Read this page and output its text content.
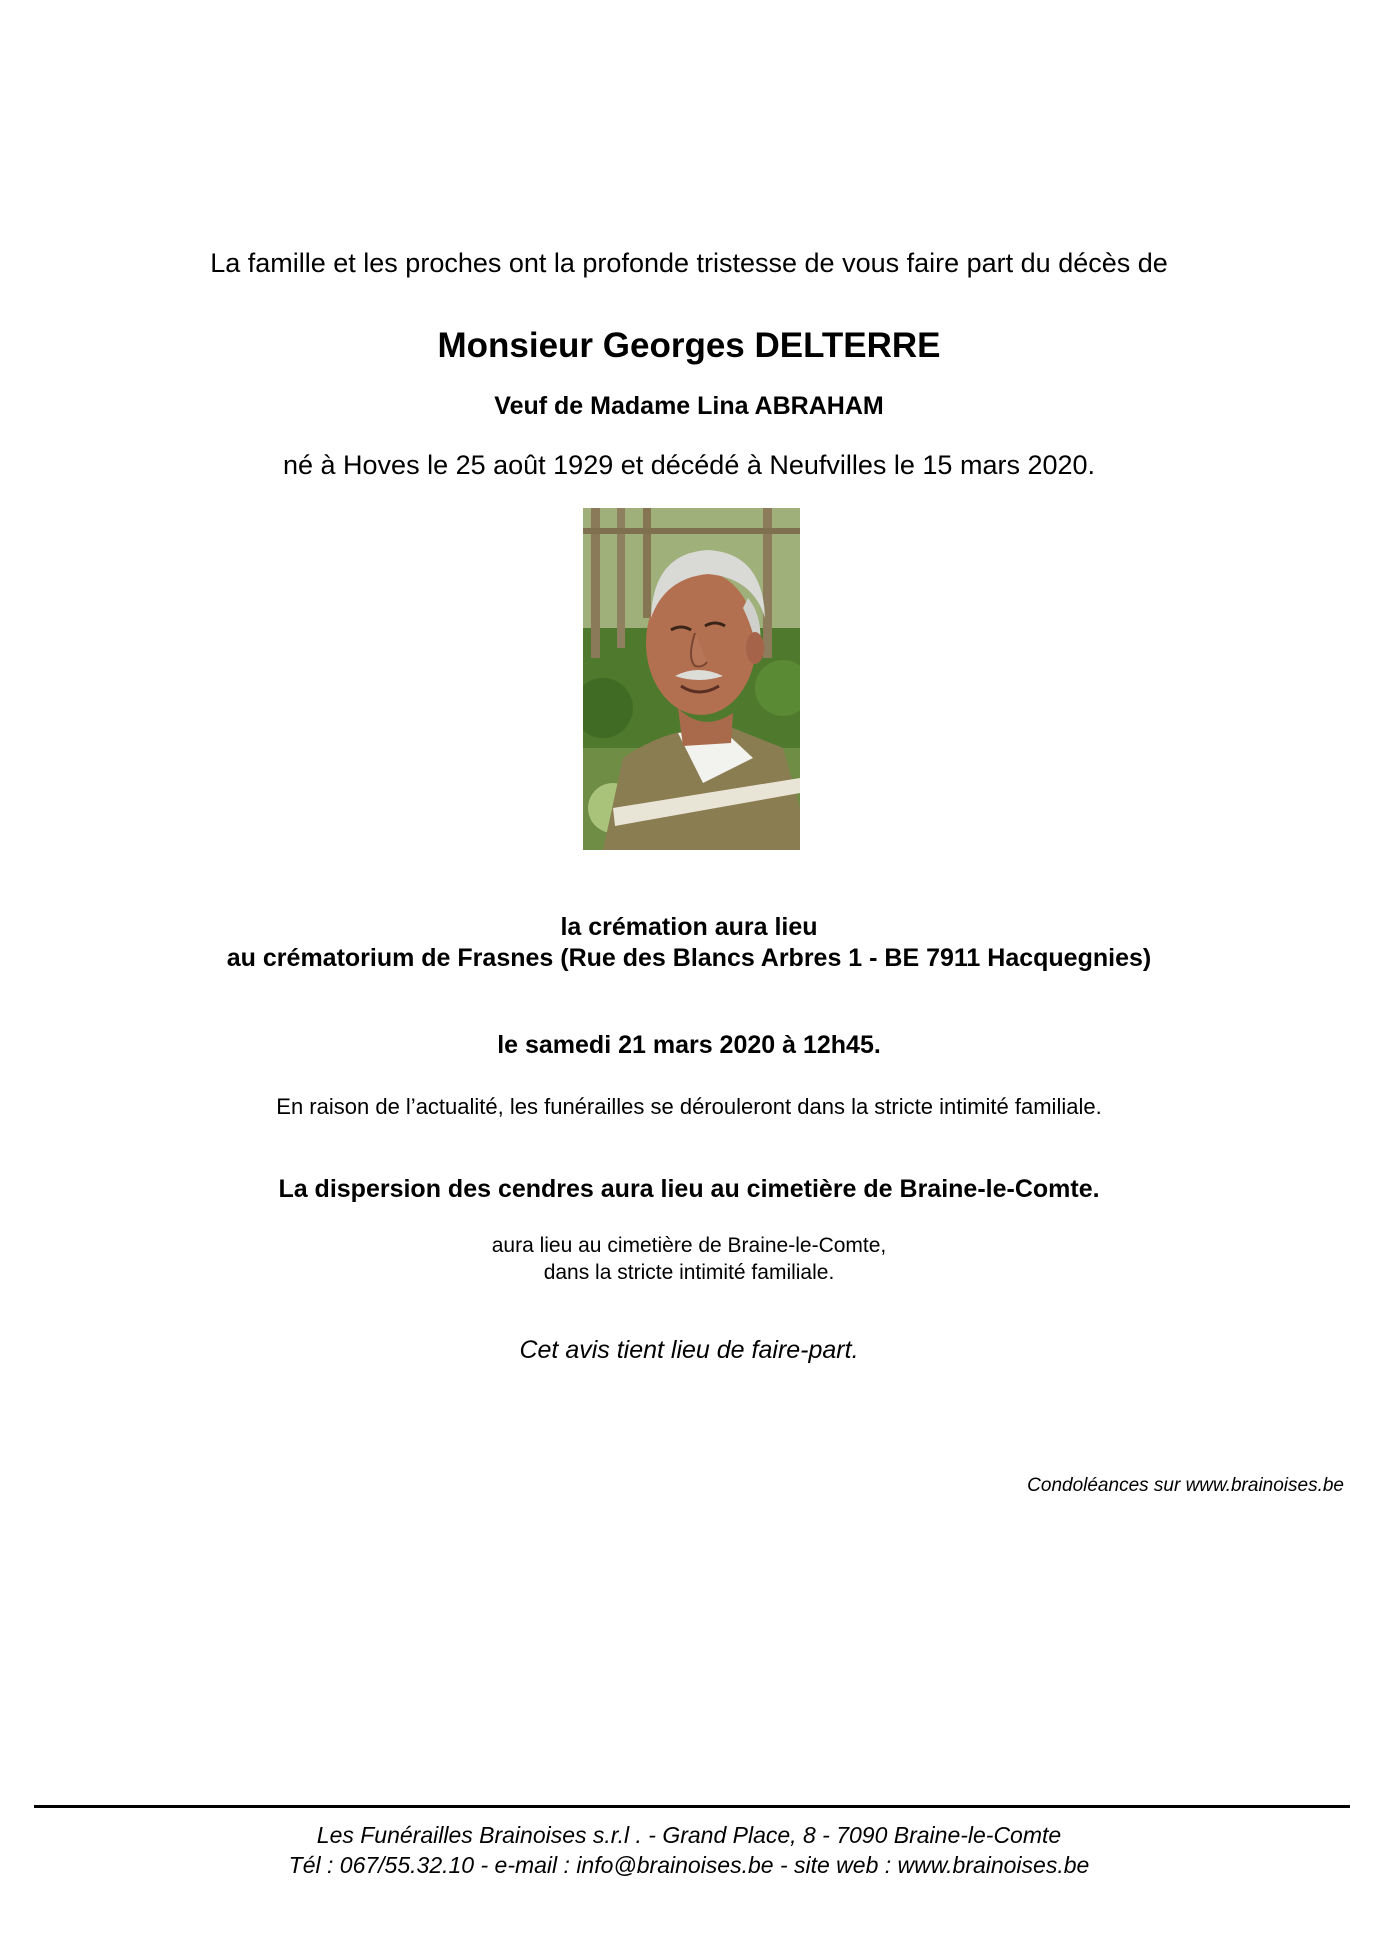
La famille et les proches ont la profonde tristesse de vous faire part du décès de
Monsieur Georges DELTERRE
Veuf de Madame Lina ABRAHAM
né à Hoves le 25 août 1929 et décédé à Neufvilles le 15 mars 2020.
la crémation aura lieu
au crématorium de Frasnes (Rue des Blancs Arbres 1 - BE 7911 Hacquegnies)
le samedi 21 mars 2020 à 12h45.
En raison de l’actualité, les funérailles se dérouleront dans la stricte intimité familiale.
La dispersion des cendres aura lieu au cimetière de Braine-le-Comte.
aura lieu au cimetière de Braine-le-Comte,
dans la stricte intimité familiale.
Cet avis tient lieu de faire-part.
Condoléances sur www.brainoises.be
Les Funérailles Brainoises s.r.l . - Grand Place, 8 - 7090 Braine-le-Comte
Tél : 067/55.32.10 - e-mail : info@brainoises.be - site web : www.brainoises.be
